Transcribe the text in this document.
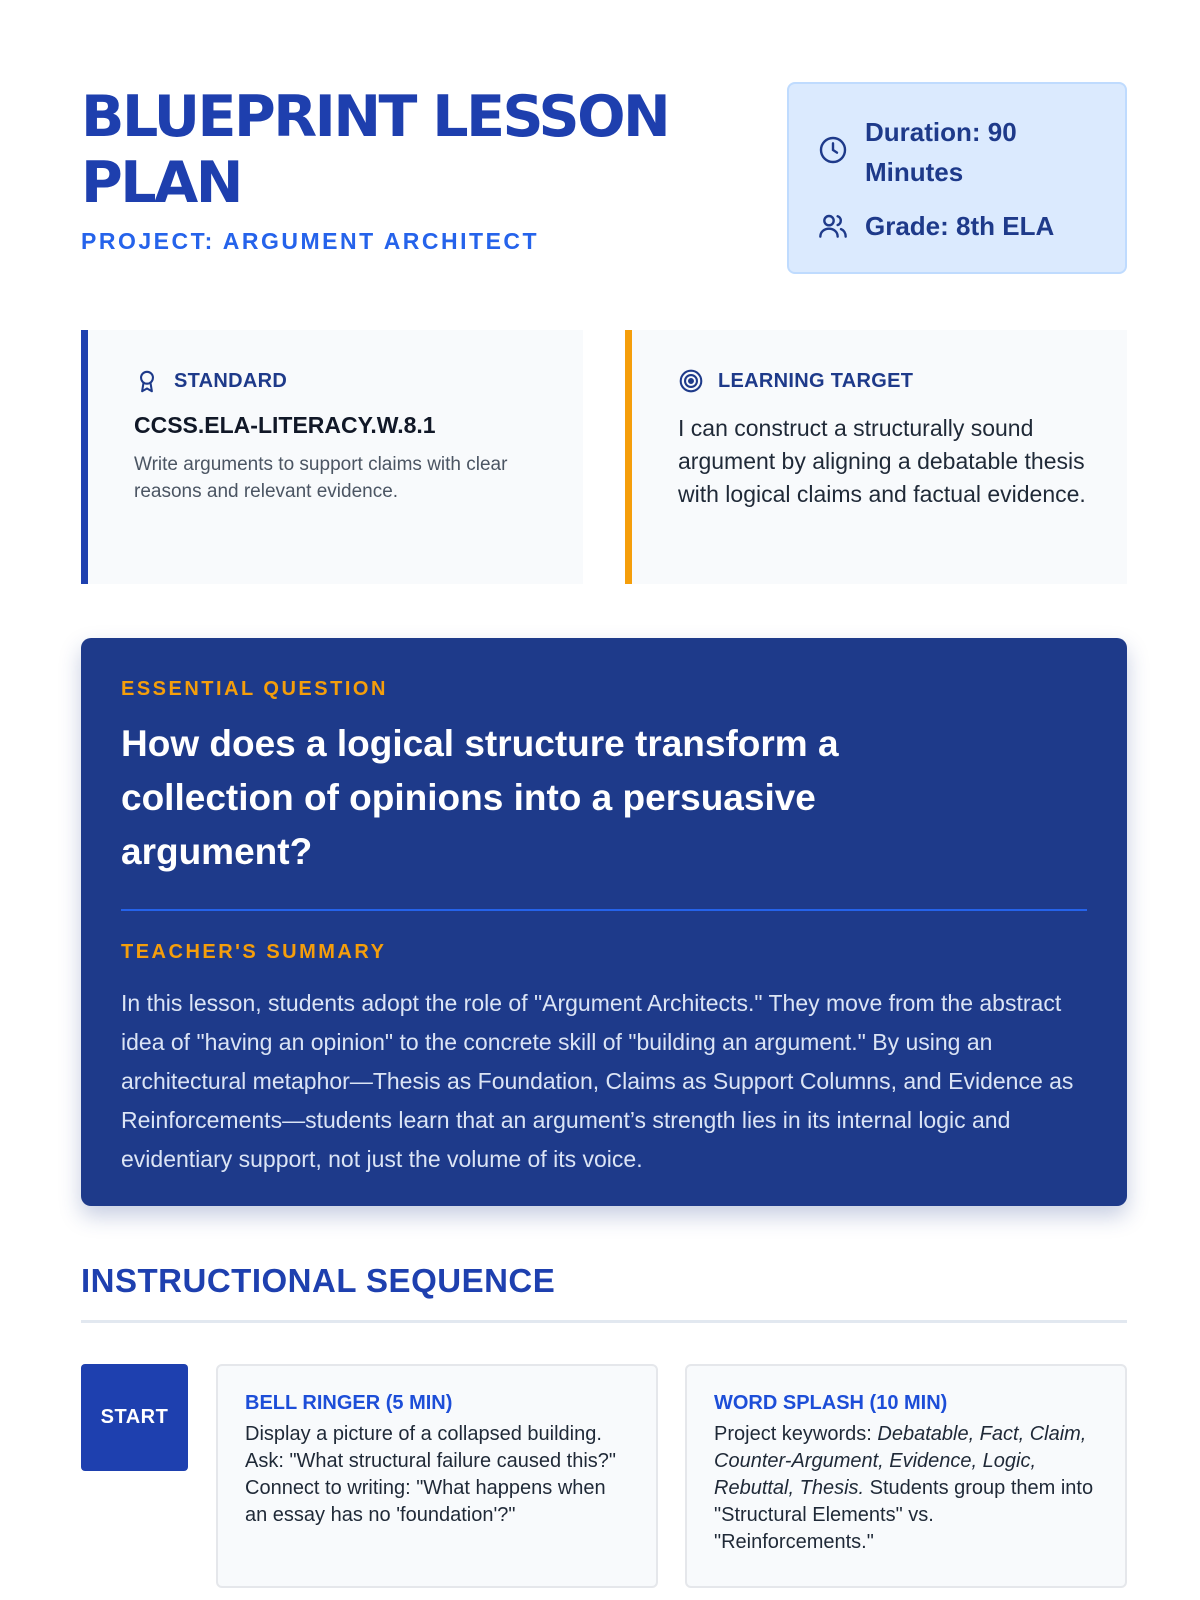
BLUEPRINT LESSON PLAN
PROJECT: ARGUMENT ARCHITECT
Duration: 90 Minutes
Grade: 8th ELA
STANDARD
CCSS.ELA-LITERACY.W.8.1
Write arguments to support claims with clear reasons and relevant evidence.
LEARNING TARGET
I can construct a structurally sound argument by aligning a debatable thesis with logical claims and factual evidence.
ESSENTIAL QUESTION
How does a logical structure transform a collection of opinions into a persuasive argument?
TEACHER'S SUMMARY
In this lesson, students adopt the role of "Argument Architects." They move from the abstract idea of "having an opinion" to the concrete skill of "building an argument." By using an architectural metaphor—Thesis as Foundation, Claims as Support Columns, and Evidence as Reinforcements—students learn that an argument’s strength lies in its internal logic and evidentiary support, not just the volume of its voice.
INSTRUCTIONAL SEQUENCE
START
BELL RINGER (5 MIN)
Display a picture of a collapsed building. Ask: "What structural failure caused this?" Connect to writing: "What happens when an essay has no 'foundation'?"
WORD SPLASH (10 MIN)
Project keywords: Debatable, Fact, Claim, Counter-Argument, Evidence, Logic, Rebuttal, Thesis. Students group them into "Structural Elements" vs. "Reinforcements."
